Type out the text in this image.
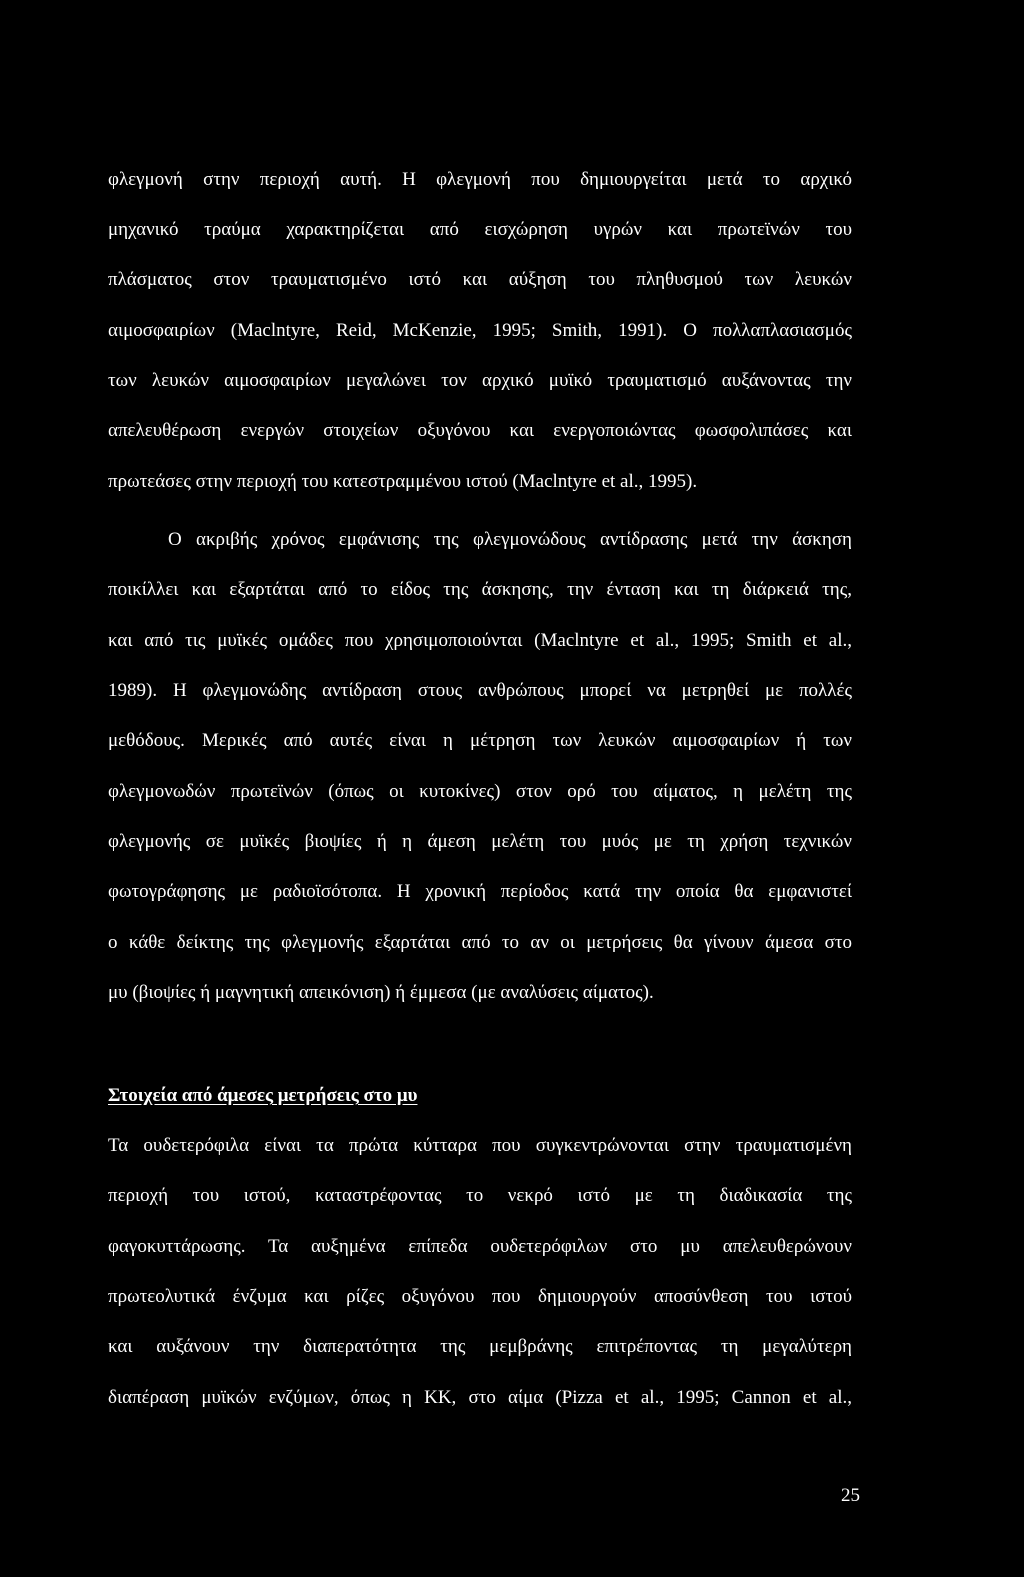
φλεγμονή στην περιοχή αυτή. Η φλεγμονή που δημιουργείται μετά το αρχικό
μηχανικό τραύμα χαρακτηρίζεται από εισχώρηση υγρών και πρωτεϊνών του
πλάσματος στον τραυματισμένο ιστό και αύξηση του πληθυσμού των λευκών
αιμοσφαιρίων (Maclntyre, Reid, McKenzie, 1995; Smith, 1991). Ο πολλαπλασιασμός
των λευκών αιμοσφαιρίων μεγαλώνει τον αρχικό μυϊκό τραυματισμό αυξάνοντας την
απελευθέρωση ενεργών στοιχείων οξυγόνου και ενεργοποιώντας φωσφολιπάσες και
πρωτεάσες στην περιοχή του κατεστραμμένου ιστού (Maclntyre et al., 1995).
Ο ακριβής χρόνος εμφάνισης της φλεγμονώδους αντίδρασης μετά την άσκηση
ποικίλλει και εξαρτάται από το είδος της άσκησης, την ένταση και τη διάρκειά της,
και από τις μυϊκές ομάδες που χρησιμοποιούνται (Maclntyre et al., 1995; Smith et al.,
1989). Η φλεγμονώδης αντίδραση στους ανθρώπους μπορεί να μετρηθεί με πολλές
μεθόδους. Μερικές από αυτές είναι η μέτρηση των λευκών αιμοσφαιρίων ή των
φλεγμονωδών πρωτεϊνών (όπως οι κυτοκίνες) στον ορό του αίματος, η μελέτη της
φλεγμονής σε μυϊκές βιοψίες ή η άμεση μελέτη του μυός με τη χρήση τεχνικών
φωτογράφησης με ραδιοϊσότοπα. Η χρονική περίοδος κατά την οποία θα εμφανιστεί
ο κάθε δείκτης της φλεγμονής εξαρτάται από το αν οι μετρήσεις θα γίνουν άμεσα στο
μυ (βιοψίες ή μαγνητική απεικόνιση) ή έμμεσα (με αναλύσεις αίματος).
Στοιχεία από άμεσες μετρήσεις στο μυ
Τα ουδετερόφιλα είναι τα πρώτα κύτταρα που συγκεντρώνονται στην τραυματισμένη
περιοχή του ιστού, καταστρέφοντας το νεκρό ιστό με τη διαδικασία της
φαγοκυττάρωσης. Τα αυξημένα επίπεδα ουδετερόφιλων στο μυ απελευθερώνουν
πρωτεολυτικά ένζυμα και ρίζες οξυγόνου που δημιουργούν αποσύνθεση του ιστού
και αυξάνουν την διαπερατότητα της μεμβράνης επιτρέποντας τη μεγαλύτερη
διαπέραση μυϊκών ενζύμων, όπως η ΚΚ, στο αίμα (Pizza et al., 1995; Cannon et al.,
25
